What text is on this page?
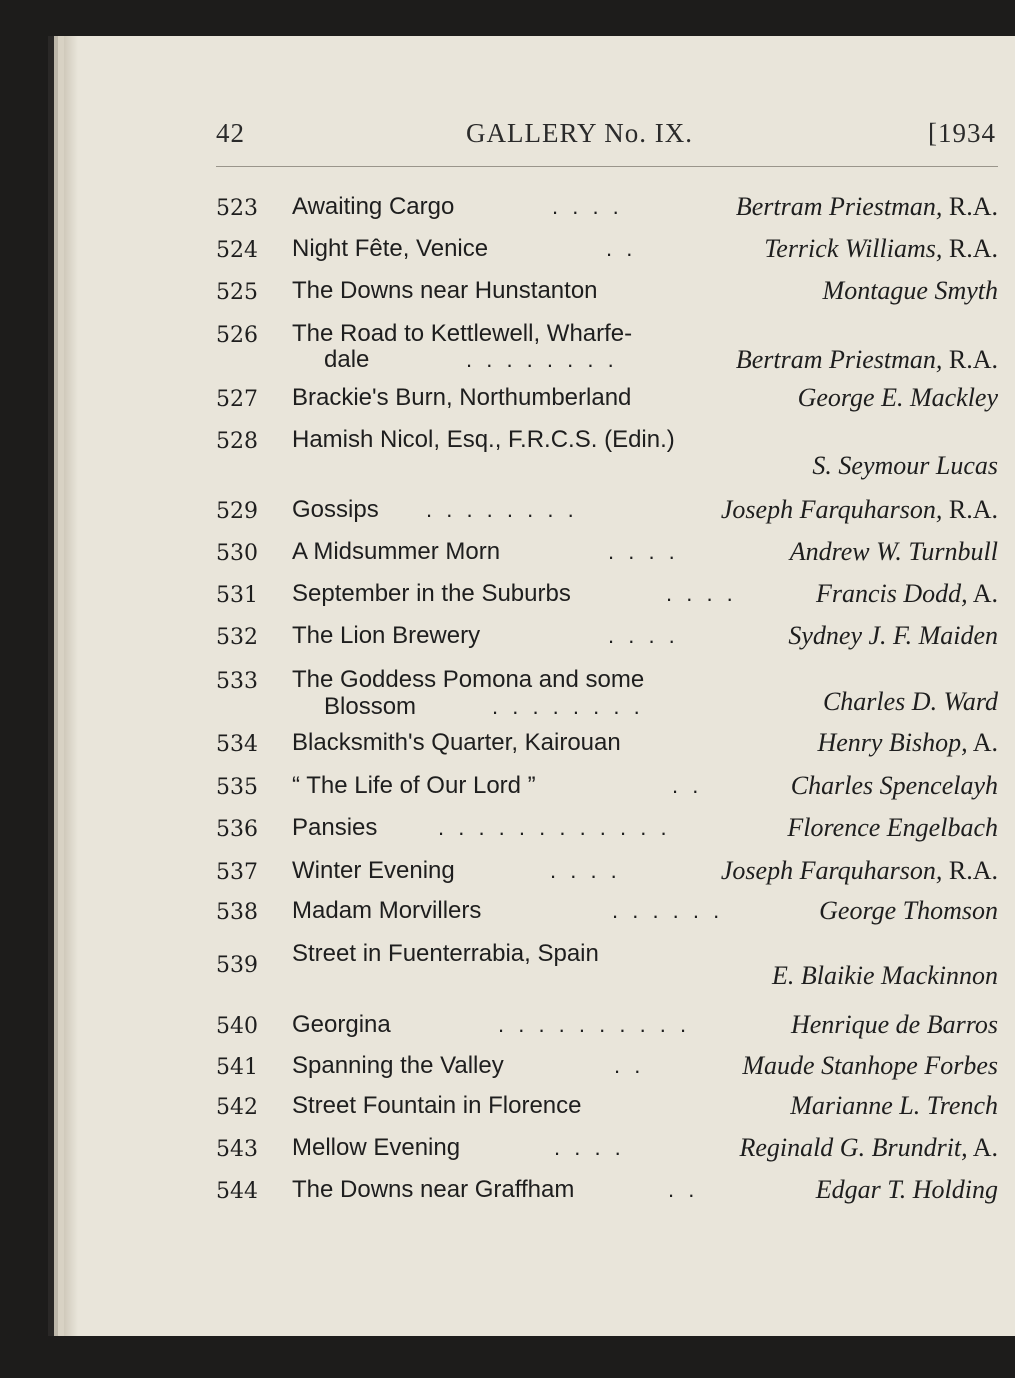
42	GALLERY No. IX.	[1934
523 Awaiting Cargo	. . . .	Bertram Priestman, R.A.
524 Night Fête, Venice	. .	Terrick Williams, R.A.
525 The Downs near Hunstanton	Montague Smyth
526 The Road to Kettlewell, Wharfe-
dale	. . . . . . . .	Bertram Priestman, R.A.
527 Brackie's Burn, Northumberland	George E. Mackley
528 Hamish Nicol, Esq., F.R.C.S. (Edin.)
S. Seymour Lucas
529 Gossips . . . . . . . .	Joseph Farquharson, R.A.
530 A Midsummer Morn	. . . .	Andrew W. Turnbull
531 September in the Suburbs	. . . .	Francis Dodd, A.
532 The Lion Brewery	. . . .	Sydney J. F. Maiden
533 The Goddess Pomona and some
Blossom	. . . . . . . .	Charles D. Ward
534 Blacksmith's Quarter, Kairouan	Henry Bishop, A.
535 “ The Life of Our Lord ”	. .	Charles Spencelayh
536 Pansies	. . . . . . . . . . . .	Florence Engelbach
537 Winter Evening	. . . .	Joseph Farquharson, R.A.
538 Madam Morvillers	. . . . . .	George Thomson
539 Street in Fuenterrabia, Spain
E. Blaikie Mackinnon
540 Georgina	. . . . . . . . . .	Henrique de Barros
541 Spanning the Valley	. .	Maude Stanhope Forbes
542 Street Fountain in Florence	Marianne L. Trench
543 Mellow Evening	. . . .	Reginald G. Brundrit, A.
544 The Downs near Graffham	. .	Edgar T. Holding
